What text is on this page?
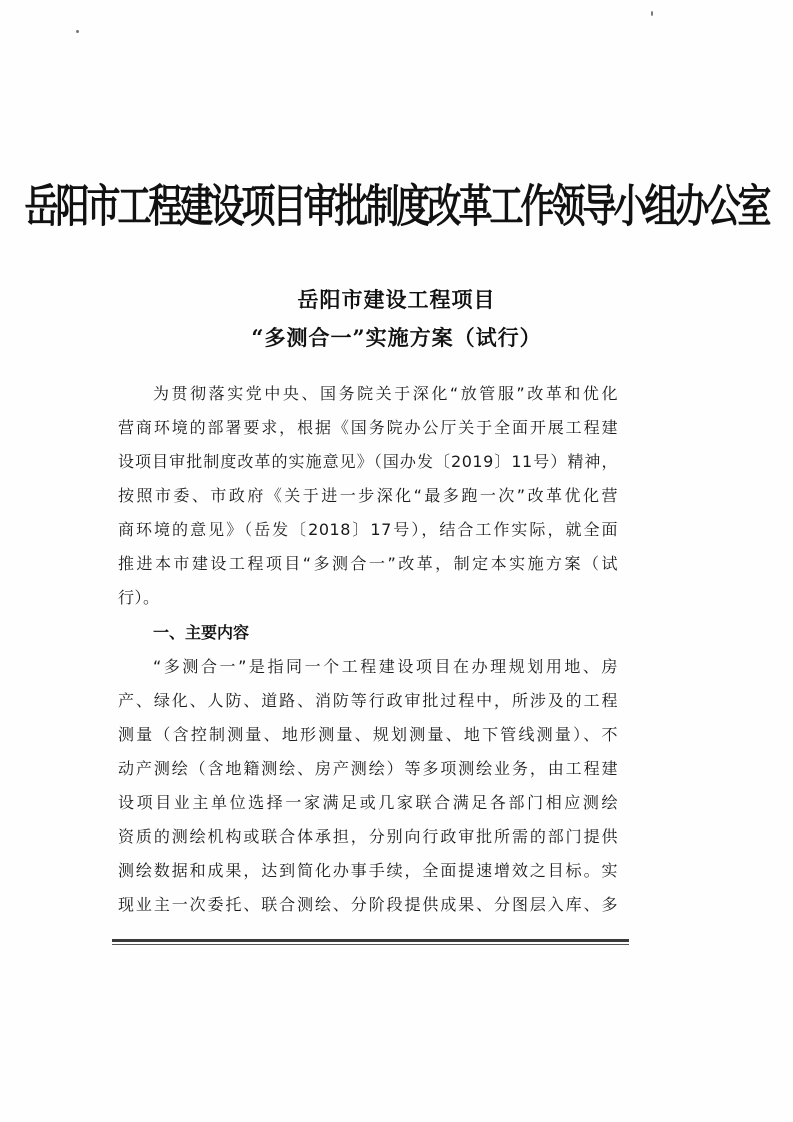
岳阳市工程建设项目审批制度改革工作领导小组办公室
岳阳市建设工程项目
“多测合一”实施方案（试行）
为贯彻落实党中央、国务院关于深化“放管服”改革和优化
营商环境的部署要求，根据《国务院办公厅关于全面开展工程建
设项目审批制度改革的实施意见》（国办发〔2019〕11号）精神，
按照市委、市政府《关于进一步深化“最多跑一次”改革优化营
商环境的意见》（岳发〔2018〕17号），结合工作实际，就全面
推进本市建设工程项目“多测合一”改革，制定本实施方案（试
行）。
一、主要内容
“多测合一”是指同一个工程建设项目在办理规划用地、房
产、绿化、人防、道路、消防等行政审批过程中，所涉及的工程
测量（含控制测量、地形测量、规划测量、地下管线测量）、不
动产测绘（含地籍测绘、房产测绘）等多项测绘业务，由工程建
设项目业主单位选择一家满足或几家联合满足各部门相应测绘
资质的测绘机构或联合体承担，分别向行政审批所需的部门提供
测绘数据和成果，达到简化办事手续，全面提速增效之目标。实
现业主一次委托、联合测绘、分阶段提供成果、分图层入库、多
